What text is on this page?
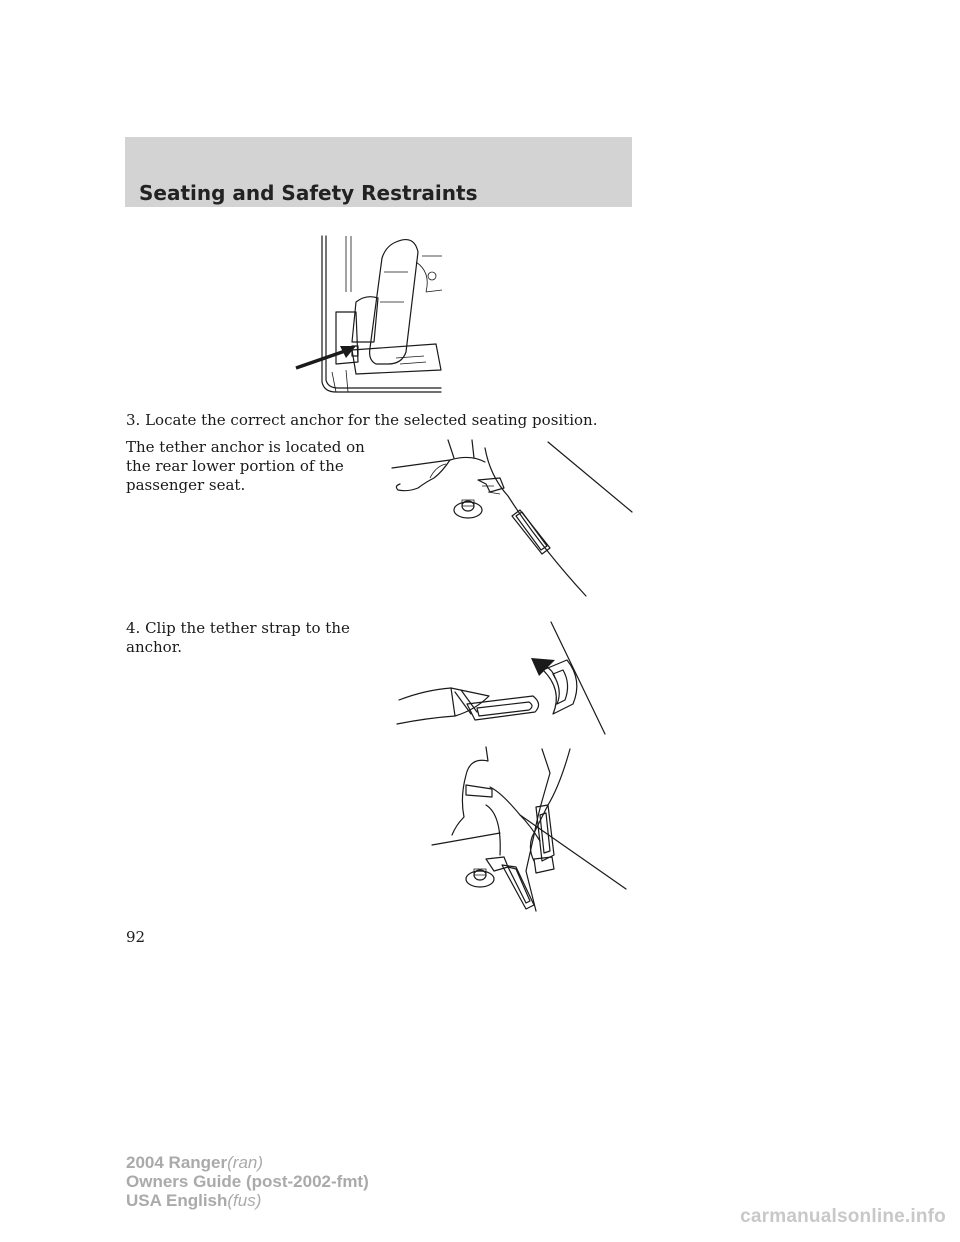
Seating and Safety Restraints

3. Locate the correct anchor for the selected seating position.

The tether anchor is located on the rear lower portion of the passenger seat.

4. Clip the tether strap to the anchor.

92

2004 Ranger(ran)
Owners Guide (post-2002-fmt)
USA English(fus)

carmanualsonline.info
